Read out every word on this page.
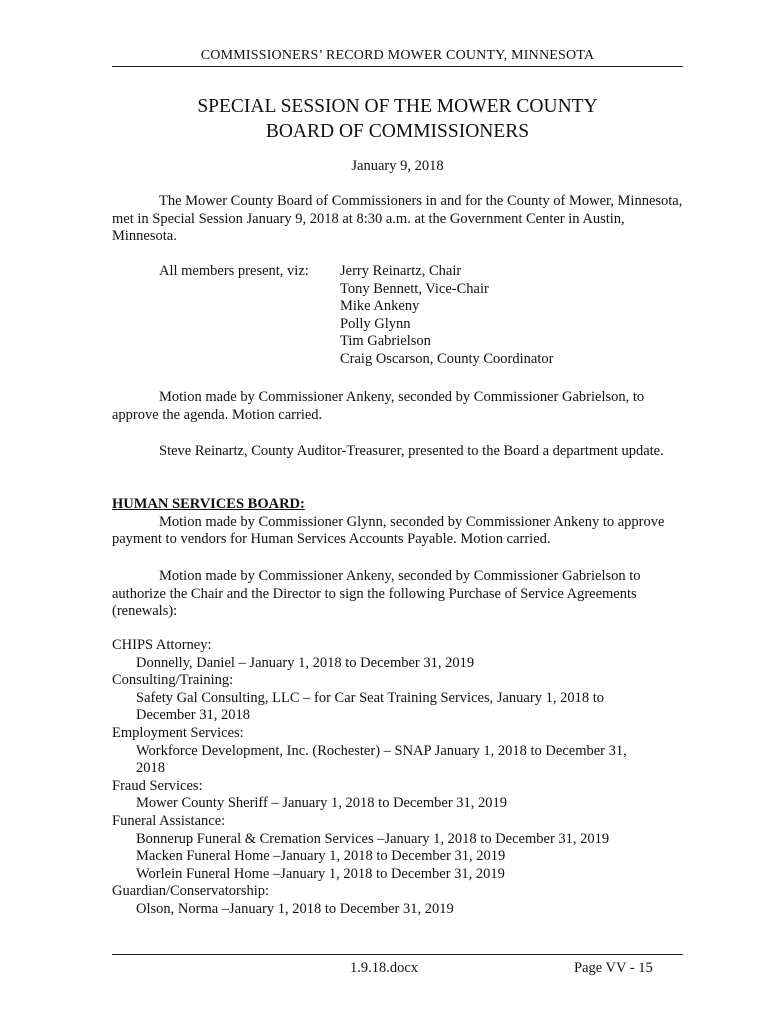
COMMISSIONERS’ RECORD MOWER COUNTY, MINNESOTA
SPECIAL SESSION OF THE MOWER COUNTY
BOARD OF COMMISSIONERS
January 9, 2018
The Mower County Board of Commissioners in and for the County of Mower, Minnesota, met in Special Session January 9, 2018 at 8:30 a.m. at the Government Center in Austin, Minnesota.
All members present, viz: Jerry Reinartz, Chair
Tony Bennett, Vice-Chair
Mike Ankeny
Polly Glynn
Tim Gabrielson
Craig Oscarson, County Coordinator
Motion made by Commissioner Ankeny, seconded by Commissioner Gabrielson, to approve the agenda. Motion carried.
Steve Reinartz, County Auditor-Treasurer, presented to the Board a department update.
HUMAN SERVICES BOARD:
Motion made by Commissioner Glynn, seconded by Commissioner Ankeny to approve payment to vendors for Human Services Accounts Payable. Motion carried.
Motion made by Commissioner Ankeny, seconded by Commissioner Gabrielson to authorize the Chair and the Director to sign the following Purchase of Service Agreements (renewals):
CHIPS Attorney:
Donnelly, Daniel – January 1, 2018 to December 31, 2019
Consulting/Training:
Safety Gal Consulting, LLC – for Car Seat Training Services, January 1, 2018 to
December 31, 2018
Employment Services:
Workforce Development, Inc. (Rochester) – SNAP January 1, 2018 to December 31,
2018
Fraud Services:
Mower County Sheriff – January 1, 2018 to December 31, 2019
Funeral Assistance:
Bonnerup Funeral & Cremation Services –January 1, 2018 to December 31, 2019
Macken Funeral Home –January 1, 2018 to December 31, 2019
Worlein Funeral Home –January 1, 2018 to December 31, 2019
Guardian/Conservatorship:
Olson, Norma –January 1, 2018 to December 31, 2019
1.9.18.docx	Page VV - 15
